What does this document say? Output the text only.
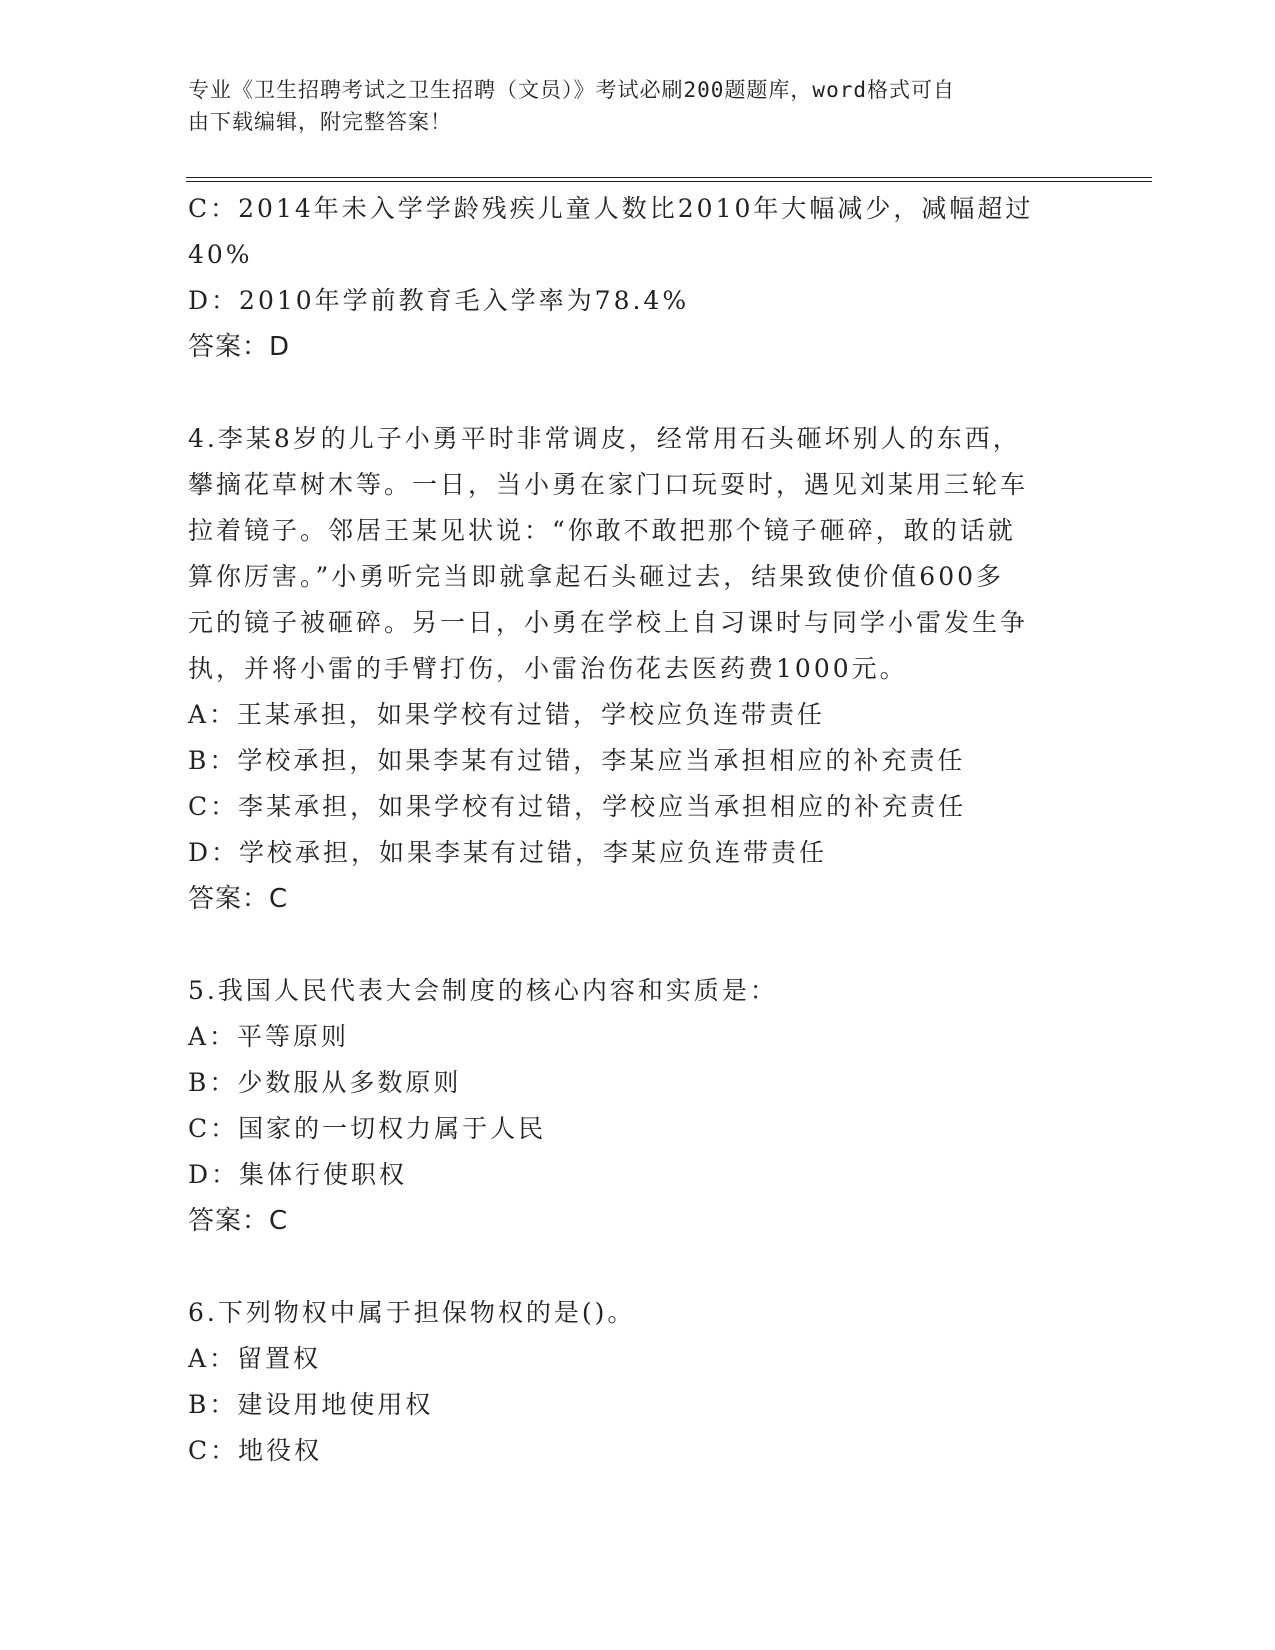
专业《卫生招聘考试之卫生招聘（文员）》考试必刷200题题库，word格式可自
由下载编辑，附完整答案！
C：2014年未入学学龄残疾儿童人数比2010年大幅减少，减幅超过
40%
D：2010年学前教育毛入学率为78.4%
答案：D
4.李某8岁的儿子小勇平时非常调皮，经常用石头砸坏别人的东西，
攀摘花草树木等。一日，当小勇在家门口玩耍时，遇见刘某用三轮车
拉着镜子。邻居王某见状说：“你敢不敢把那个镜子砸碎，敢的话就
算你厉害。”小勇听完当即就拿起石头砸过去，结果致使价值600多
元的镜子被砸碎。另一日，小勇在学校上自习课时与同学小雷发生争
执，并将小雷的手臂打伤，小雷治伤花去医药费1000元。
A：王某承担，如果学校有过错，学校应负连带责任
B：学校承担，如果李某有过错，李某应当承担相应的补充责任
C：李某承担，如果学校有过错，学校应当承担相应的补充责任
D：学校承担，如果李某有过错，李某应负连带责任
答案：C
5.我国人民代表大会制度的核心内容和实质是：
A：平等原则
B：少数服从多数原则
C：国家的一切权力属于人民
D：集体行使职权
答案：C
6.下列物权中属于担保物权的是()。
A：留置权
B：建设用地使用权
C：地役权
